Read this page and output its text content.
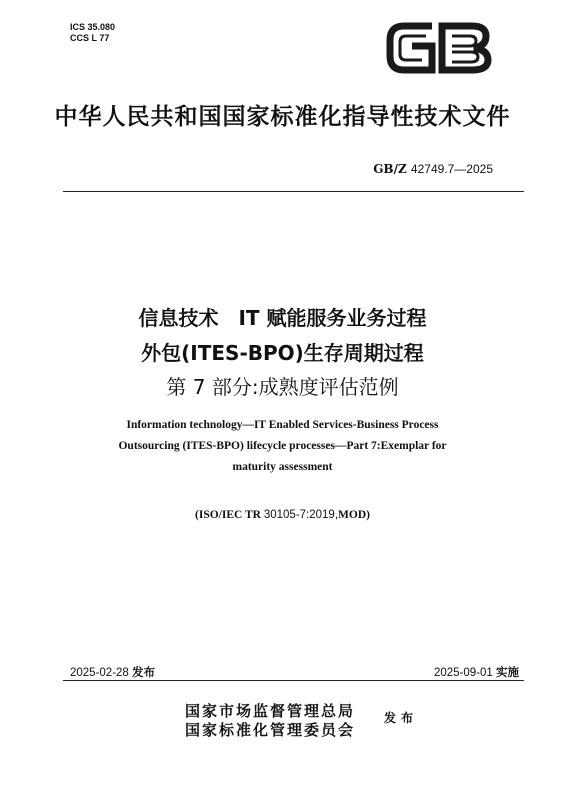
ICS 35.080
CCS L 77
中华人民共和国国家标准化指导性技术文件
GB/Z 42749.7—2025
信息技术　IT 赋能服务业务过程
外包(ITES-BPO)生存周期过程
第 7 部分:成熟度评估范例
Information technology—IT Enabled Services-Business Process
Outsourcing (ITES-BPO) lifecycle processes—Part 7:Exemplar for
maturity assessment
(ISO/IEC TR 30105-7:2019,MOD)
2025-02-28 发布	2025-09-01 实施
国家市场监督管理总局
国家标准化管理委员会
发布
